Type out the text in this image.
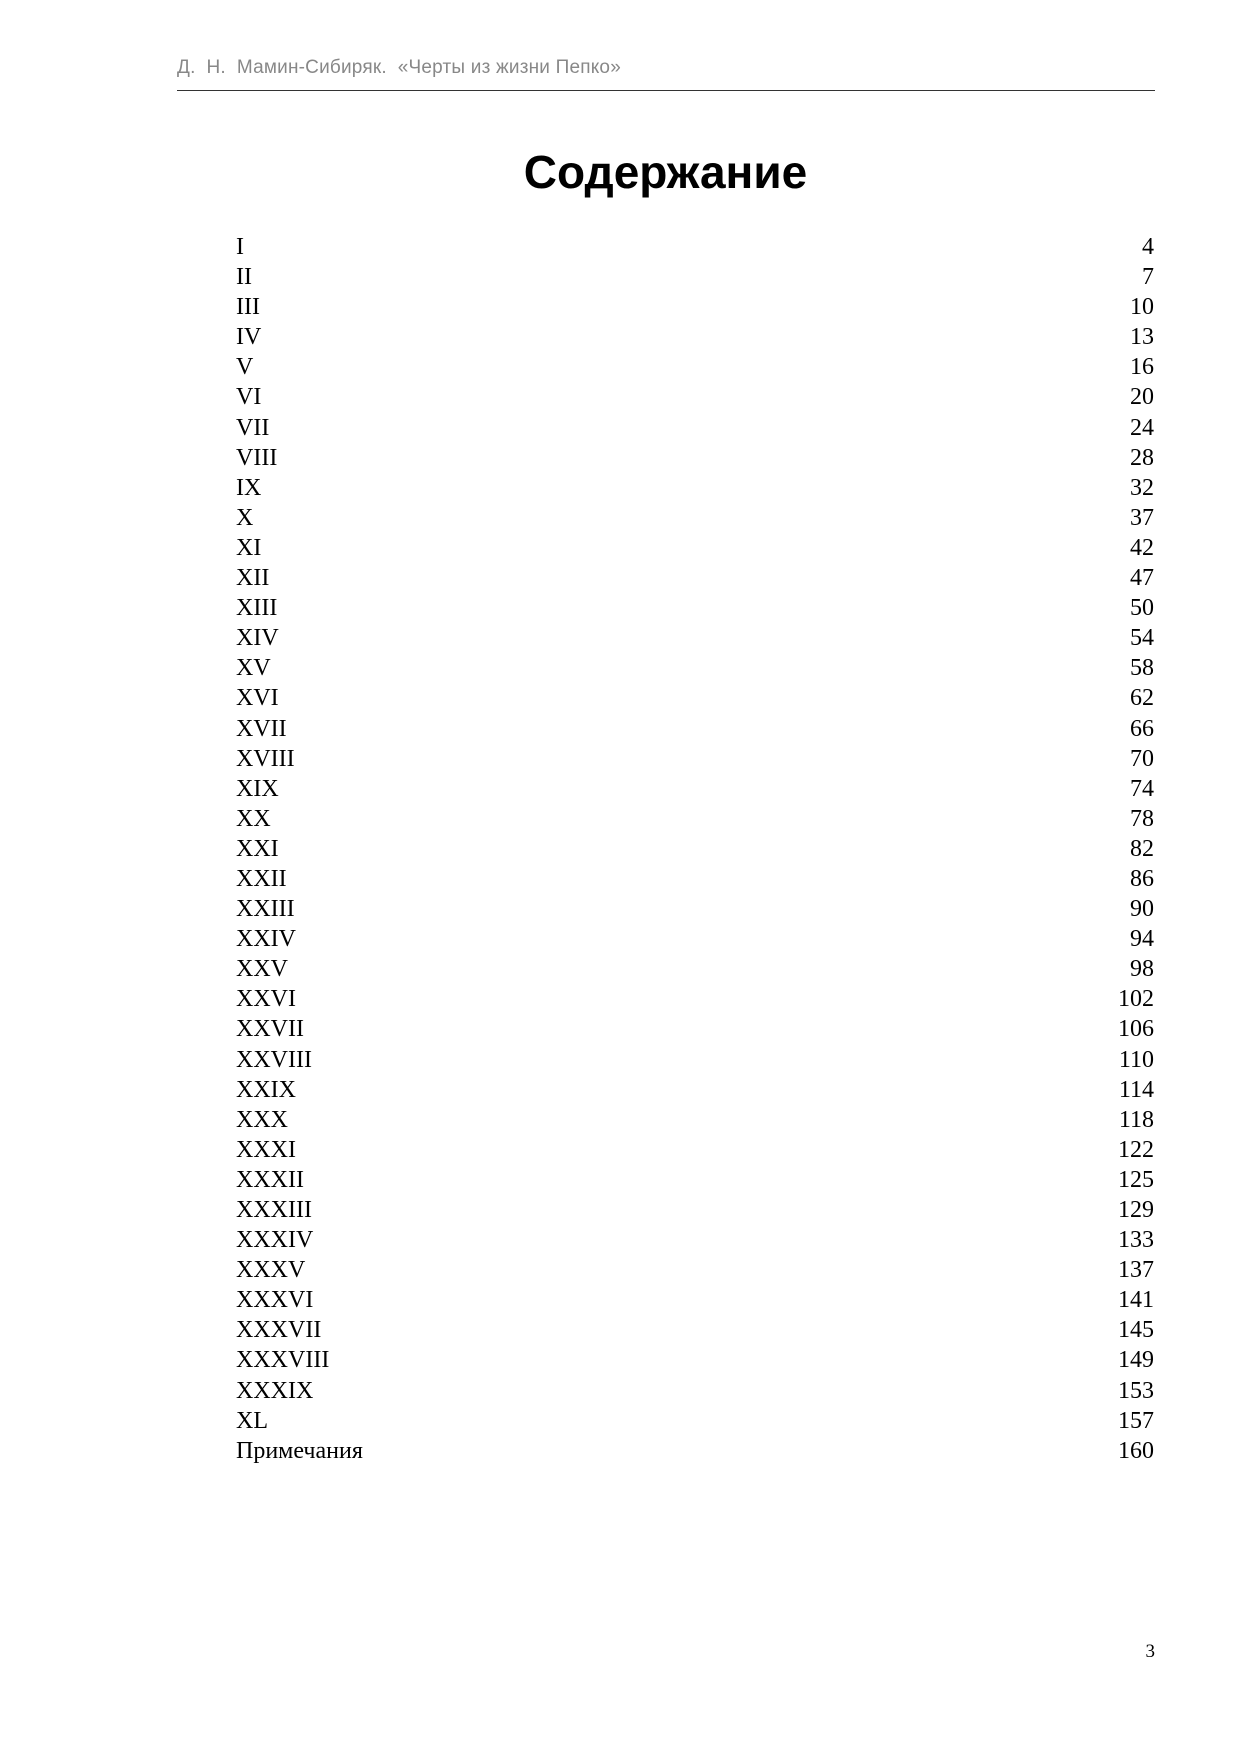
Д.  Н.  Мамин-Сибиряк.  «Черты из жизни Пепко»
Содержание
I	4
II	7
III	10
IV	13
V	16
VI	20
VII	24
VIII	28
IX	32
X	37
XI	42
XII	47
XIII	50
XIV	54
XV	58
XVI	62
XVII	66
XVIII	70
XIX	74
XX	78
XXI	82
XXII	86
XXIII	90
XXIV	94
XXV	98
XXVI	102
XXVII	106
XXVIII	110
XXIX	114
XXX	118
XXXI	122
XXXII	125
XXXIII	129
XXXIV	133
XXXV	137
XXXVI	141
XXXVII	145
XXXVIII	149
XXXIX	153
XL	157
Примечания	160
3
